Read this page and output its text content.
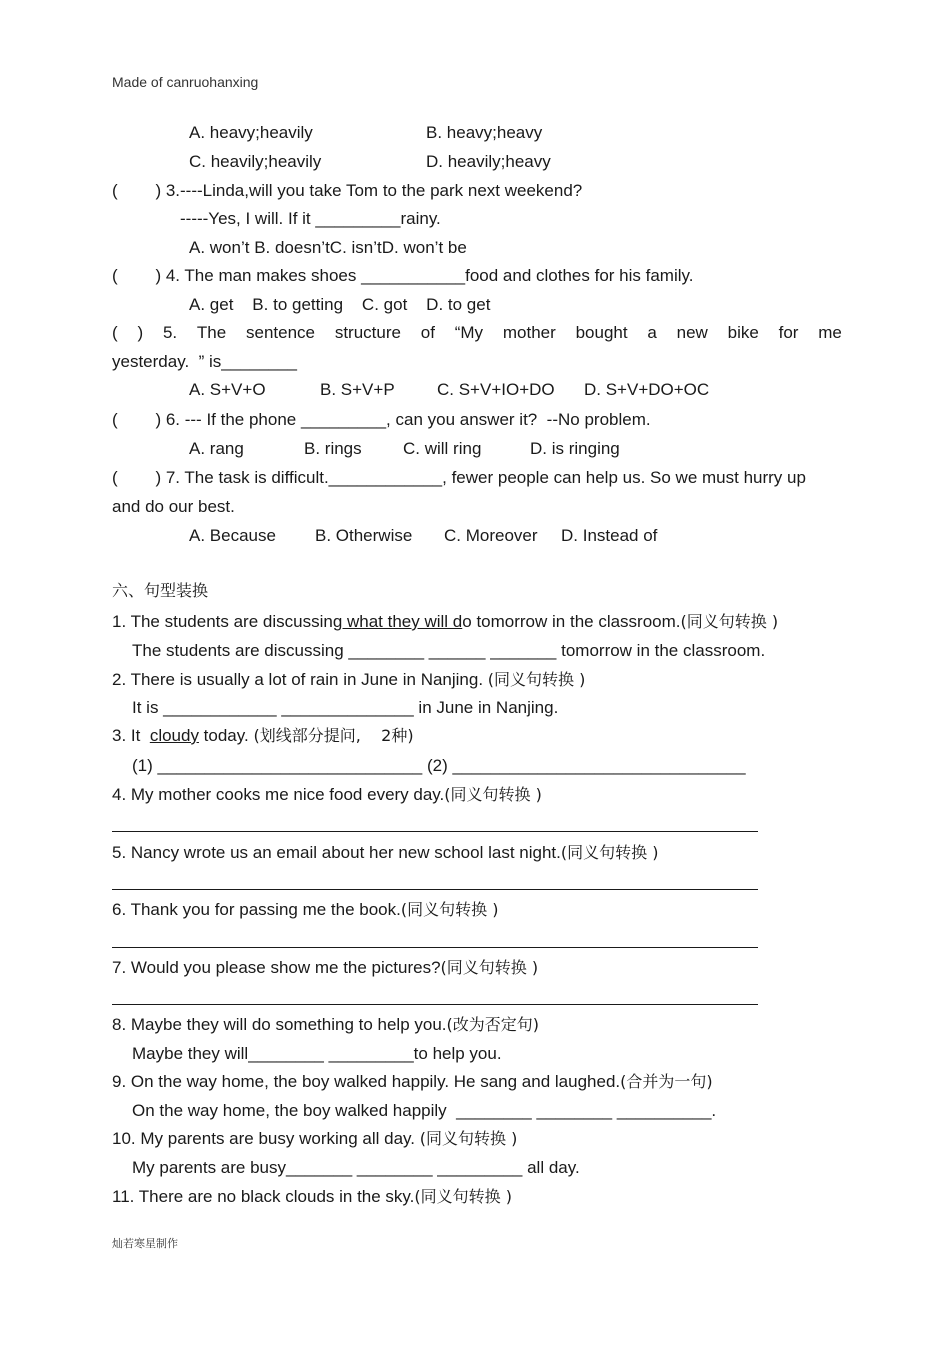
Made of canruohanxing
A. heavy;heavily	B. heavy;heavy
C. heavily;heavily	D. heavily;heavy
(        ) 3.----Linda,will you take Tom to the park next weekend?
-----Yes, I will. If it _________rainy.
A. won’t B. doesn’tC. isn’tD. won’t be
(        ) 4. The man makes shoes ___________food and clothes for his family.
A. get    B. to getting    C. got    D. to get
( ) 5. The sentence structure of “My mother bought a new bike for me
yesterday.  ” is________
A. S+V+O	B. S+V+P C. S+V+IO+DO D. S+V+DO+OC
(        ) 6. --- If the phone _________, can you answer it?  --No problem.
A. rang	B. rings C. will ring	D. is ringing
(        ) 7. The task is difficult.____________, fewer people can help us. So we must hurry up
and do our best.
A. Because B. Otherwise C. Moreover D. Instead of
六、句型装换
1. The students are discussing what they will do tomorrow in the classroom.(同义句转换 )
The students are discussing ________ ______ _______ tomorrow in the classroom.
2. There is usually a lot of rain in June in Nanjing. (同义句转换 )
It is ____________ ______________ in June in Nanjing.
3. It  cloudy today. (划线部分提问,    2种)
(1) ____________________________ (2) _______________________________
4. My mother cooks me nice food every day.(同义句转换 )
5. Nancy wrote us an email about her new school last night.(同义句转换 )
6. Thank you for passing me the book.(同义句转换 )
7. Would you please show me the pictures?(同义句转换 )
8. Maybe they will do something to help you.(改为否定句)
Maybe they will________ _________to help you.
9. On the way home, the boy walked happily. He sang and laughed.(合并为一句)
On the way home, the boy walked happily  ________ ________ __________.
10. My parents are busy working all day. (同义句转换 )
My parents are busy_______ ________ _________ all day.
11. There are no black clouds in the sky.(同义句转换 )
灿若寒星制作
